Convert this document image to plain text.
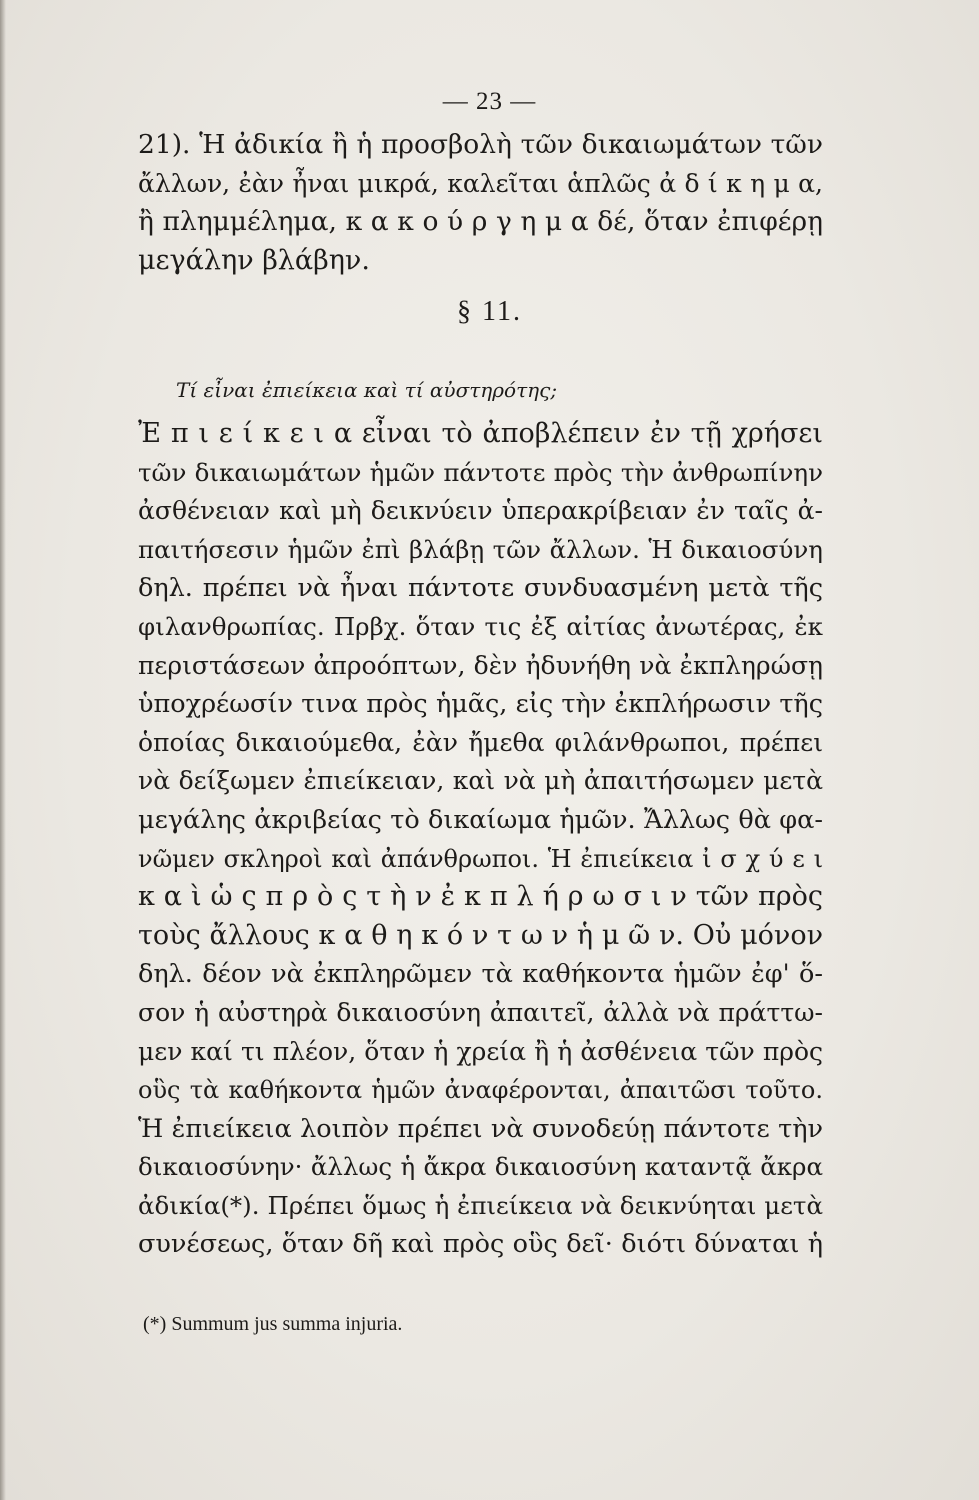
— 23 —
21). Ἡ ἀδικία ἢ ἡ προσβολὴ τῶν δικαιωμάτων τῶν
ἄλλων, ἐὰν ἦναι μικρά, καλεῖται ἁπλῶς ἀ δ ί κ η μ α,
ἢ πλημμέλημα, κ α κ ο ύ ρ γ η μ α δέ, ὅταν ἐπιφέρῃ
μεγάλην βλάβην.
§ 11.
Τί εἶναι ἐπιείκεια καὶ τί αὐστηρότης;
Ἐ π ι ε ί κ ε ι α εἶναι τὸ ἀποβλέπειν ἐν τῇ χρήσει
τῶν δικαιωμάτων ἡμῶν πάντοτε πρὸς τὴν ἀνθρωπίνην
ἀσθένειαν καὶ μὴ δεικνύειν ὑπερακρίβειαν ἐν ταῖς ἀ-
παιτήσεσιν ἡμῶν ἐπὶ βλάβῃ τῶν ἄλλων. Ἡ δικαιοσύνη
δηλ. πρέπει νὰ ἦναι πάντοτε συνδυασμένη μετὰ τῆς
φιλανθρωπίας. Πρβχ. ὅταν τις ἐξ αἰτίας ἀνωτέρας, ἐκ
περιστάσεων ἀπροόπτων, δὲν ἠδυνήθη νὰ ἐκπληρώσῃ
ὑποχρέωσίν τινα πρὸς ἡμᾶς, εἰς τὴν ἐκπλήρωσιν τῆς
ὁποίας δικαιούμεθα, ἐὰν ἤμεθα φιλάνθρωποι, πρέπει
νὰ δείξωμεν ἐπιείκειαν, καὶ νὰ μὴ ἀπαιτήσωμεν μετὰ
μεγάλης ἀκριβείας τὸ δικαίωμα ἡμῶν. Ἄλλως θὰ φα-
νῶμεν σκληροὶ καὶ ἀπάνθρωποι. Ἡ ἐπιείκεια ἰ σ χ ύ ε ι
κ α ὶ ὡ ς π ρ ὸ ς τ ὴ ν ἐ κ π λ ή ρ ω σ ι ν τῶν πρὸς
τοὺς ἄλλους κ α θ η κ ό ν τ ω ν ἡ μ ῶ ν. Οὐ μόνον
δηλ. δέον νὰ ἐκπληρῶμεν τὰ καθήκοντα ἡμῶν ἐφ' ὅ-
σον ἡ αὐστηρὰ δικαιοσύνη ἀπαιτεῖ, ἀλλὰ νὰ πράττω-
μεν καί τι πλέον, ὅταν ἡ χρεία ἢ ἡ ἀσθένεια τῶν πρὸς
οὓς τὰ καθήκοντα ἡμῶν ἀναφέρονται, ἀπαιτῶσι τοῦτο.
Ἡ ἐπιείκεια λοιπὸν πρέπει νὰ συνοδεύῃ πάντοτε τὴν
δικαιοσύνην· ἄλλως ἡ ἄκρα δικαιοσύνη καταντᾷ ἄκρα
ἀδικία(*). Πρέπει ὅμως ἡ ἐπιείκεια νὰ δεικνύηται μετὰ
συνέσεως, ὅταν δῆ καὶ πρὸς οὓς δεῖ· διότι δύναται ἡ
(*) Summum jus summa injuria.
